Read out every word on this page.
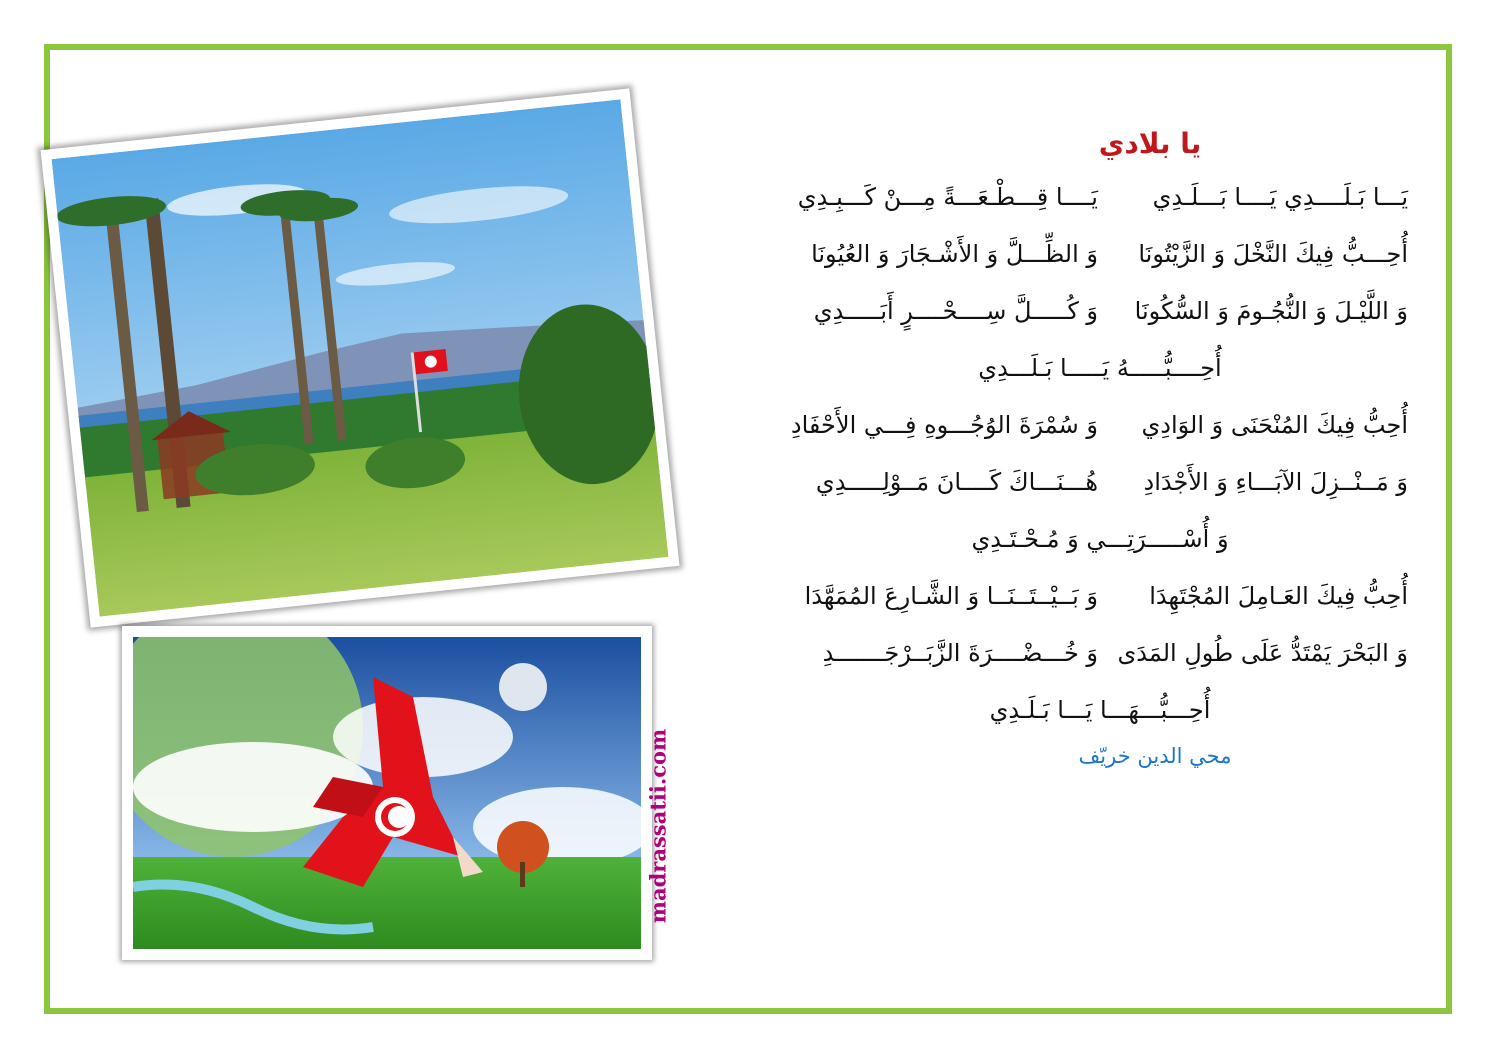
madrassatii.com
يا بلادي
يَـــا بَـلَــــدِي يَــــا بَـــلَـدِي
يَــــا قِـــطْـعَـــةً مِـــنْ كَـــبِـدِي
أُحِـــبُّ فِيكَ النَّخْلَ وَ الزَّيْتُونَا
وَ الظِّـــلَّ وَ الأَشْـجَارَ وَ العُيُونَا
وَ اللَّيْـلَ وَ النُّجُـومَ وَ السُّكُونَا
وَ كُـــــلَّ سِــــحْــــرٍ أَبَـــــدِي
أُحِــــبُّـــــهُ يَـــــا بَـلَـــدِي
أُحِبُّ فِيكَ المُنْحَنَى وَ الوَادِي
وَ سُمْرَةَ الوُجُـــوهِ فِـــي الأَحْفَادِ
وَ مَــنْــزِلَ الآبَـــاءِ وَ الأَجْدَادِ
هُـــنَـــاكَ كَــــانَ مَــوْلِـــــدِي
وَ أُسْـــــرَتِـــي وَ مُـحْـتَـدِي
أُحِبُّ فِيكَ العَـامِلَ المُجْتَهِدَا
وَ بَــيْــتَــنَــا وَ الشَّـارِعَ المُمَهَّدَا
وَ البَحْرَ يَمْتَدُّ عَلَى طُولِ المَدَى
وَ خُـــضْــــرَةَ الزَّبَــرْجَـــــــدِ
أُحِـــبُّـــهَـــا يَـــا بَـلَـدِي
محي الدين خريّف
